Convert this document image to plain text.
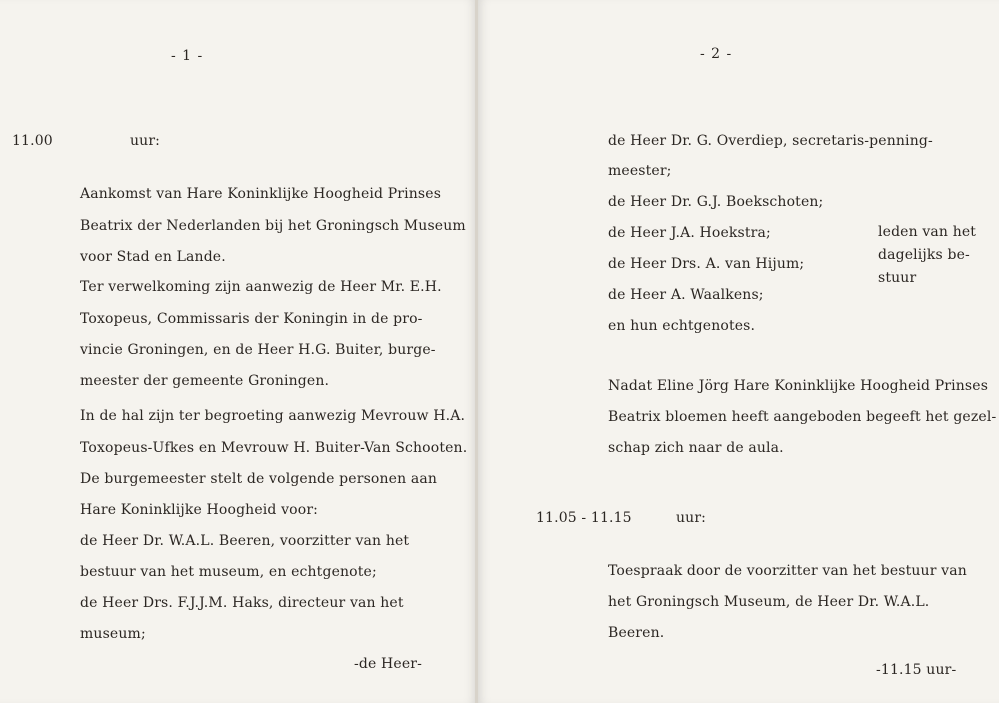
- 1 -
11.00	uur:
Aankomst van Hare Koninklijke Hoogheid Prinses
Beatrix der Nederlanden bij het Groningsch Museum
voor Stad en Lande.
Ter verwelkoming zijn aanwezig de Heer Mr. E.H.
Toxopeus, Commissaris der Koningin in de pro-
vincie Groningen, en de Heer H.G. Buiter, burge-
meester der gemeente Groningen.
In de hal zijn ter begroeting aanwezig Mevrouw H.A.
Toxopeus-Ufkes en Mevrouw H. Buiter-Van Schooten.
De burgemeester stelt de volgende personen aan
Hare Koninklijke Hoogheid voor:
de Heer Dr. W.A.L. Beeren, voorzitter van het
bestuur van het museum, en echtgenote;
de Heer Drs. F.J.J.M. Haks, directeur van het
museum;
-de Heer-
- 2 -
de Heer Dr. G. Overdiep, secretaris-penning-
meester;
de Heer Dr. G.J. Boekschoten;
de Heer J.A. Hoekstra;
de Heer Drs. A. van Hijum;
de Heer A. Waalkens;
en hun echtgenotes.
leden van het
dagelijks be-
stuur
Nadat Eline Jörg Hare Koninklijke Hoogheid Prinses
Beatrix bloemen heeft aangeboden begeeft het gezel-
schap zich naar de aula.
11.05 - 11.15	uur:
Toespraak door de voorzitter van het bestuur van
het Groningsch Museum, de Heer Dr. W.A.L.
Beeren.
-11.15 uur-
